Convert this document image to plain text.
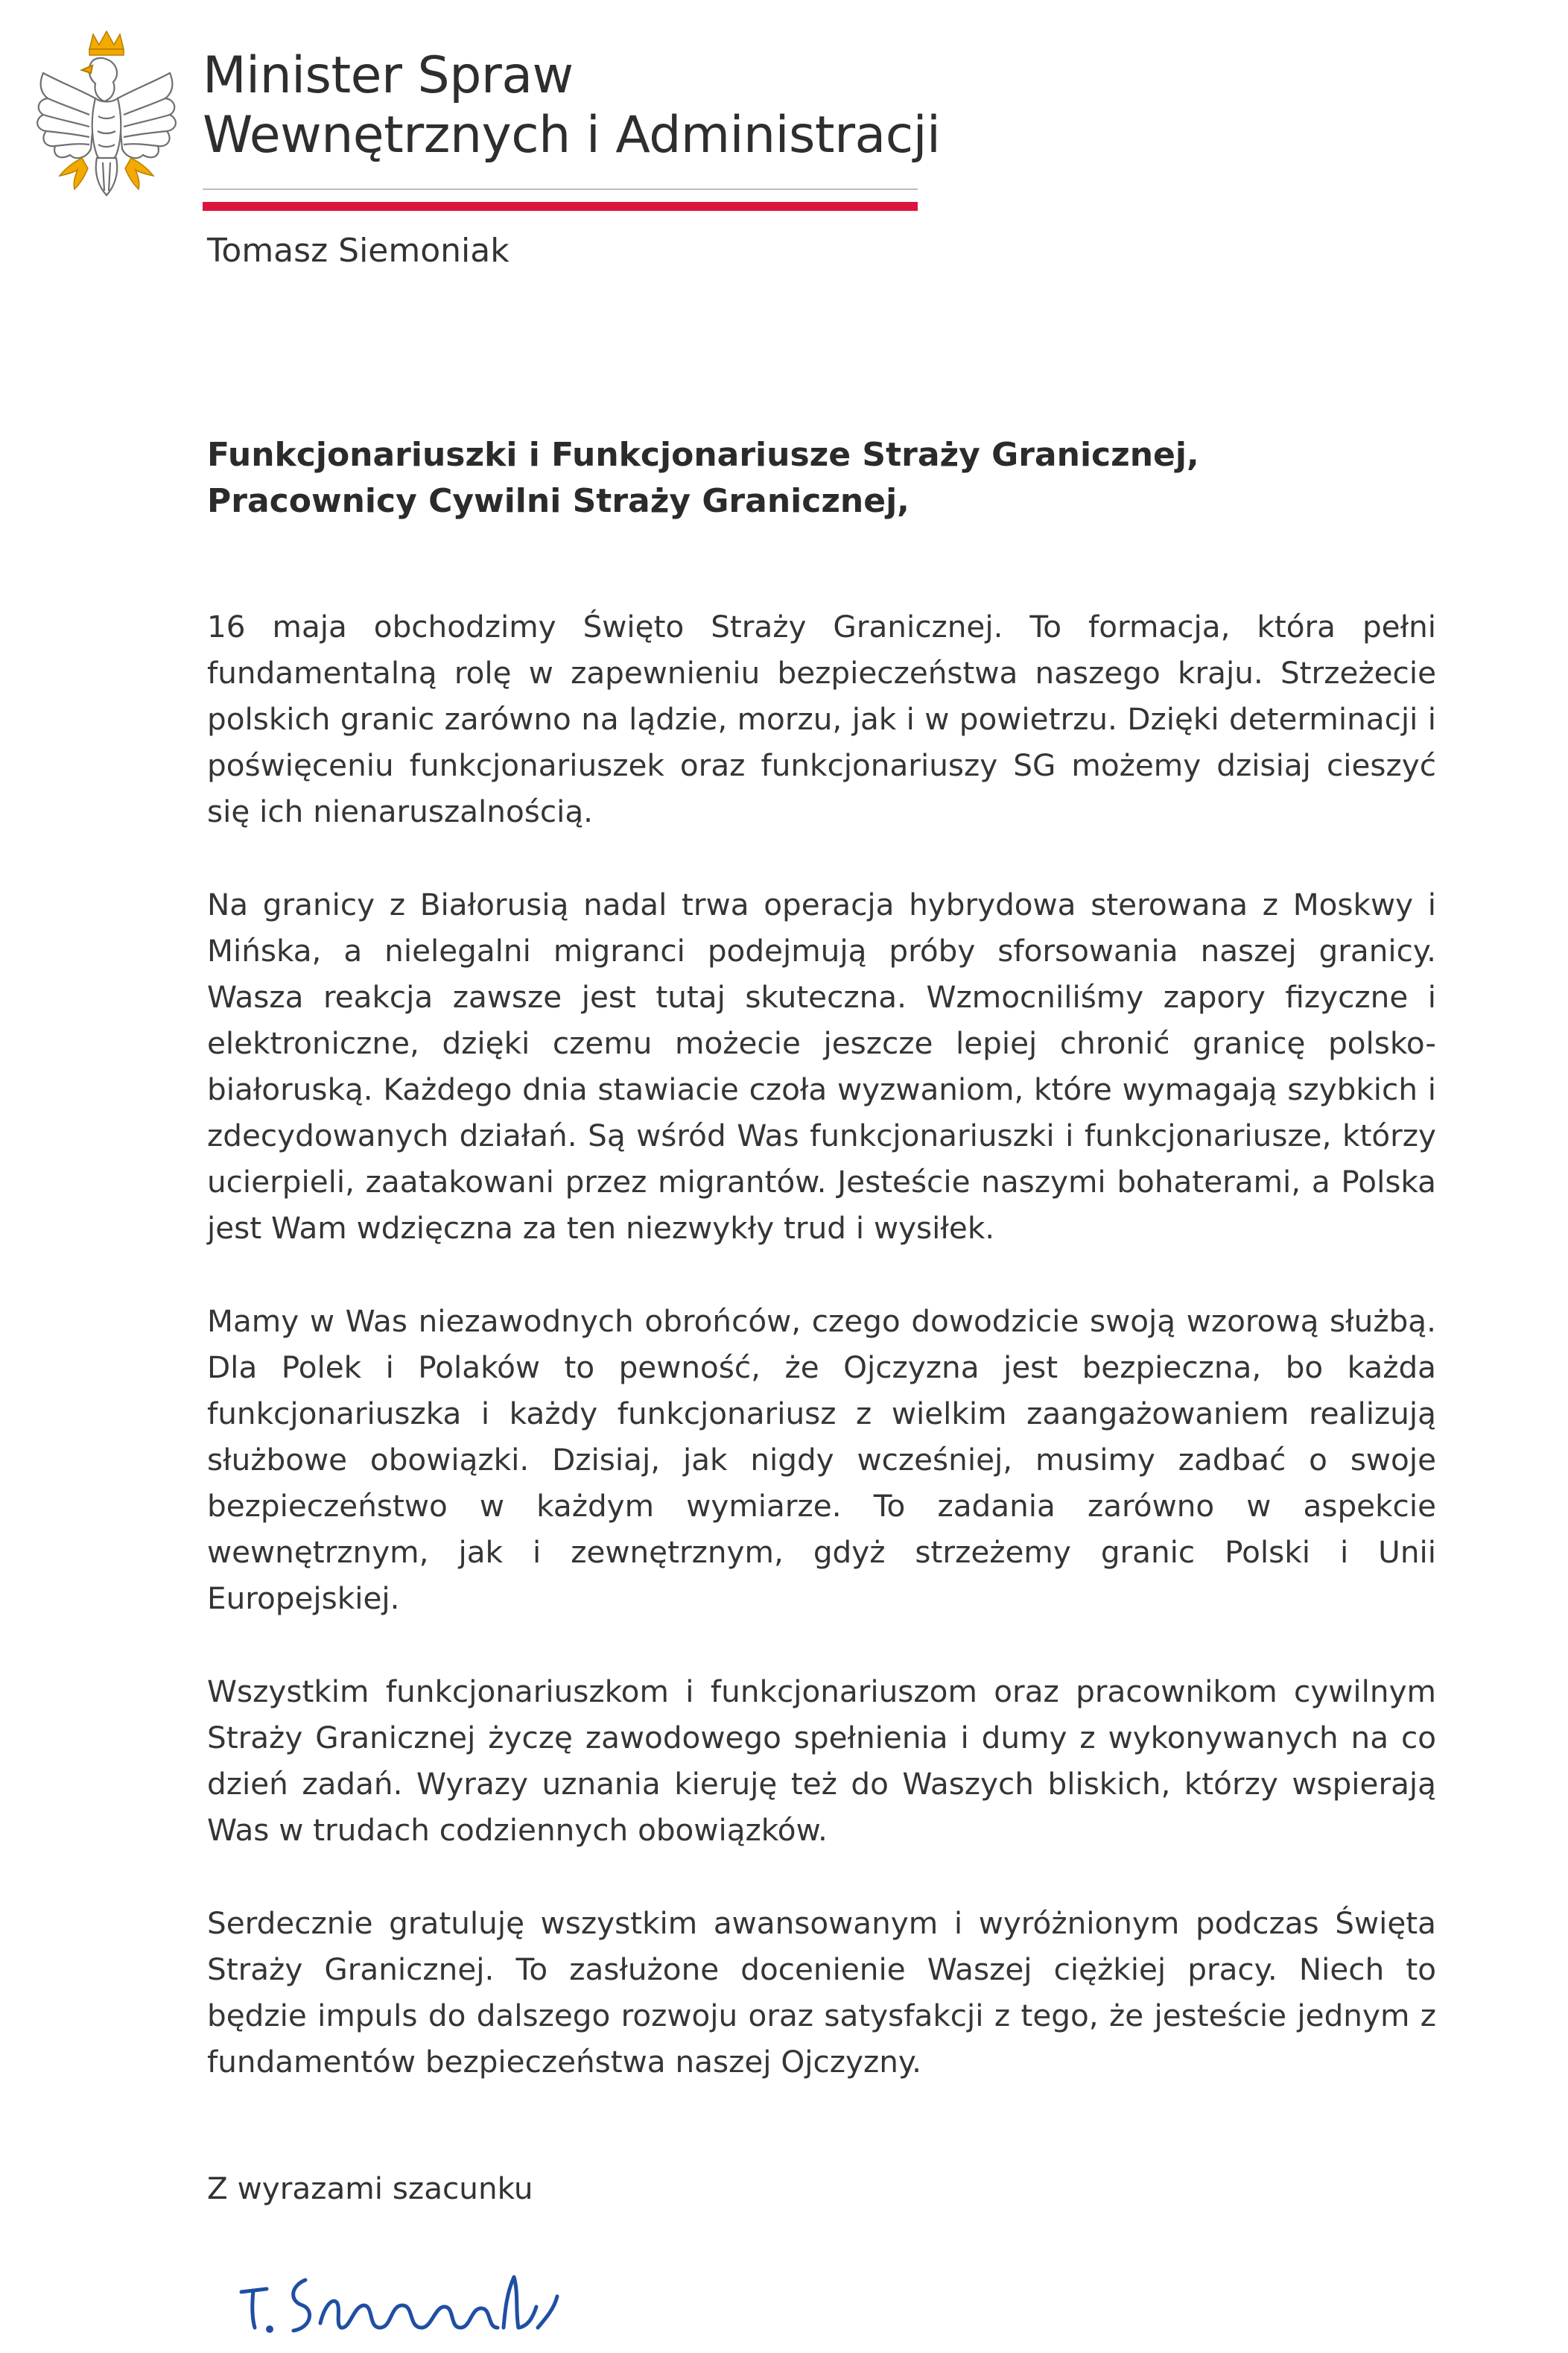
Minister Spraw
Wewnętrznych i Administracji
Tomasz Siemoniak
Funkcjonariuszki i Funkcjonariusze Straży Granicznej,
Pracownicy Cywilni Straży Granicznej,

16 maja obchodzimy Święto Straży Granicznej. To formacja, która pełni fundamentalną rolę w zapewnieniu bezpieczeństwa naszego kraju. Strzeżecie polskich granic zarówno na lądzie, morzu, jak i w powietrzu. Dzięki determinacji i poświęceniu funkcjonariuszek oraz funkcjonariuszy SG możemy dzisiaj cieszyć się ich nienaruszalnością.

Na granicy z Białorusią nadal trwa operacja hybrydowa sterowana z Moskwy i Mińska, a nielegalni migranci podejmują próby sforsowania naszej granicy. Wasza reakcja zawsze jest tutaj skuteczna. Wzmocniliśmy zapory fizyczne i elektroniczne, dzięki czemu możecie jeszcze lepiej chronić granicę polsko-białoruską. Każdego dnia stawiacie czoła wyzwaniom, które wymagają szybkich i zdecydowanych działań. Są wśród Was funkcjonariuszki i funkcjonariusze, którzy ucierpieli, zaatakowani przez migrantów. Jesteście naszymi bohaterami, a Polska jest Wam wdzięczna za ten niezwykły trud i wysiłek.

Mamy w Was niezawodnych obrońców, czego dowodzicie swoją wzorową służbą. Dla Polek i Polaków to pewność, że Ojczyzna jest bezpieczna, bo każda funkcjonariuszka i każdy funkcjonariusz z wielkim zaangażowaniem realizują służbowe obowiązki. Dzisiaj, jak nigdy wcześniej, musimy zadbać o swoje bezpieczeństwo w każdym wymiarze. To zadania zarówno w aspekcie wewnętrznym, jak i zewnętrznym, gdyż strzeżemy granic Polski i Unii Europejskiej.

Wszystkim funkcjonariuszkom i funkcjonariuszom oraz pracownikom cywilnym Straży Granicznej życzę zawodowego spełnienia i dumy z wykonywanych na co dzień zadań. Wyrazy uznania kieruję też do Waszych bliskich, którzy wspierają Was w trudach codziennych obowiązków.

Serdecznie gratuluję wszystkim awansowanym i wyróżnionym podczas Święta Straży Granicznej. To zasłużone docenienie Waszej ciężkiej pracy. Niech to będzie impuls do dalszego rozwoju oraz satysfakcji z tego, że jesteście jednym z fundamentów bezpieczeństwa naszej Ojczyzny.

Z wyrazami szacunku
